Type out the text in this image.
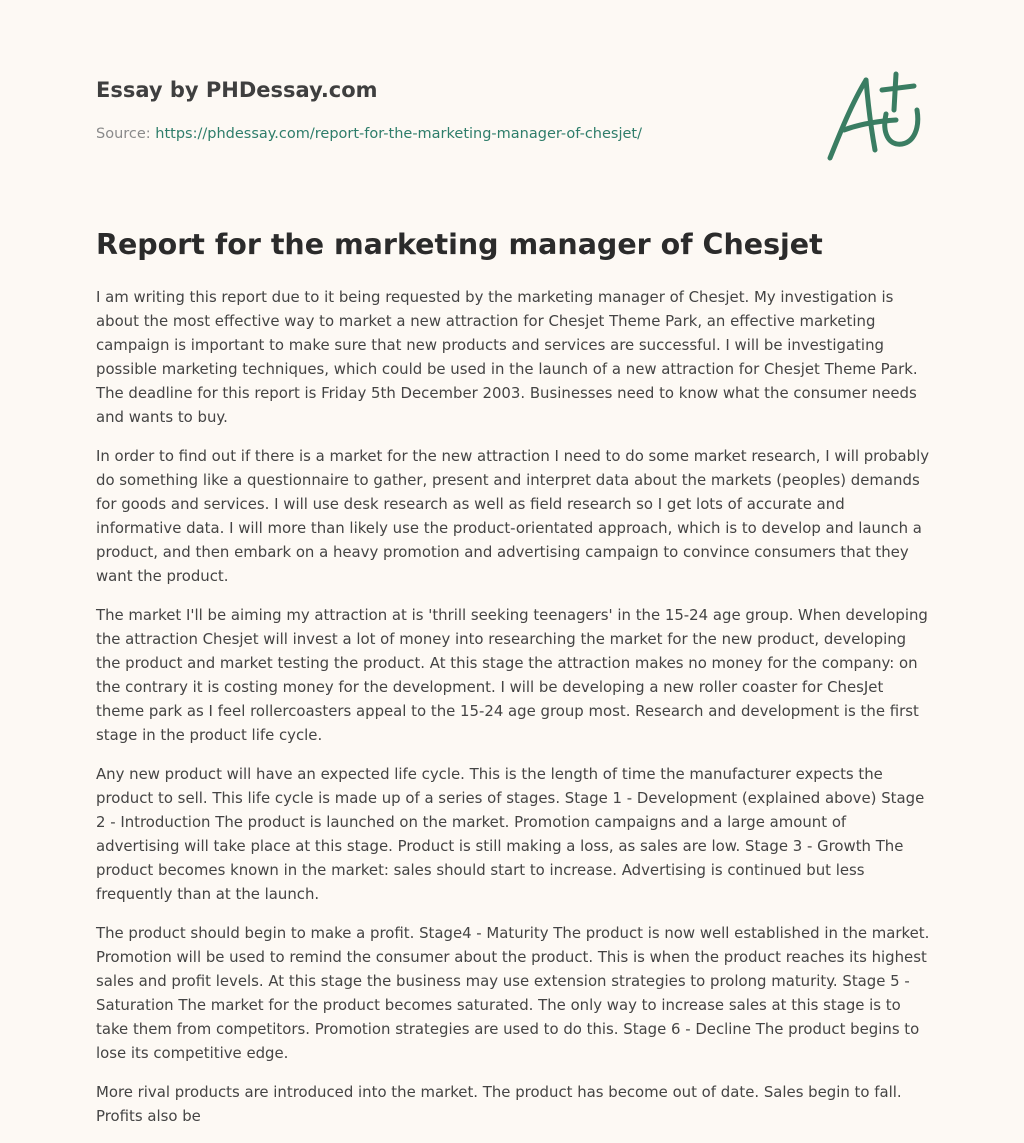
Essay by PHDessay.com
Source: https://phdessay.com/report-for-the-marketing-manager-of-chesjet/
Report for the marketing manager of Chesjet

I am writing this report due to it being requested by the marketing manager of Chesjet. My investigation is about the most effective way to market a new attraction for Chesjet Theme Park, an effective marketing campaign is important to make sure that new products and services are successful. I will be investigating possible marketing techniques, which could be used in the launch of a new attraction for Chesjet Theme Park. The deadline for this report is Friday 5th December 2003. Businesses need to know what the consumer needs and wants to buy.

In order to find out if there is a market for the new attraction I need to do some market research, I will probably do something like a questionnaire to gather, present and interpret data about the markets (peoples) demands for goods and services. I will use desk research as well as field research so I get lots of accurate and informative data. I will more than likely use the product-orientated approach, which is to develop and launch a product, and then embark on a heavy promotion and advertising campaign to convince consumers that they want the product.

The market I'll be aiming my attraction at is 'thrill seeking teenagers' in the 15-24 age group. When developing the attraction Chesjet will invest a lot of money into researching the market for the new product, developing the product and market testing the product. At this stage the attraction makes no money for the company: on the contrary it is costing money for the development. I will be developing a new roller coaster for ChesJet theme park as I feel rollercoasters appeal to the 15-24 age group most. Research and development is the first stage in the product life cycle.

Any new product will have an expected life cycle. This is the length of time the manufacturer expects the product to sell. This life cycle is made up of a series of stages. Stage 1 - Development (explained above) Stage 2 - Introduction The product is launched on the market. Promotion campaigns and a large amount of advertising will take place at this stage. Product is still making a loss, as sales are low. Stage 3 - Growth The product becomes known in the market: sales should start to increase. Advertising is continued but less frequently than at the launch.

The product should begin to make a profit. Stage4 - Maturity The product is now well established in the market. Promotion will be used to remind the consumer about the product. This is when the product reaches its highest sales and profit levels. At this stage the business may use extension strategies to prolong maturity. Stage 5 - Saturation The market for the product becomes saturated. The only way to increase sales at this stage is to take them from competitors. Promotion strategies are used to do this. Stage 6 - Decline The product begins to lose its competitive edge.

More rival products are introduced into the market. The product has become out of date. Sales begin to fall. Profits also be
